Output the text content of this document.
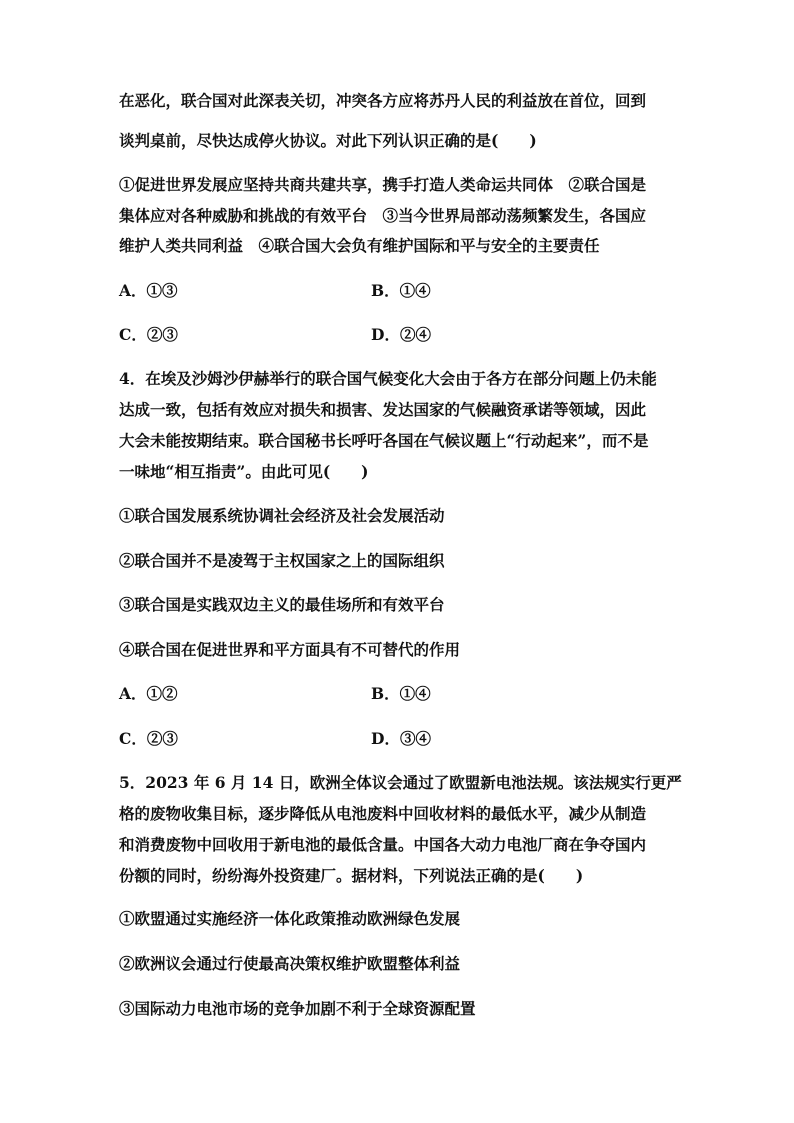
在恶化，联合国对此深表关切，冲突各方应将苏丹人民的利益放在首位，回到
谈判桌前，尽快达成停火协议。对此下列认识正确的是(　　)
①促进世界发展应坚持共商共建共享，携手打造人类命运共同体　②联合国是
集体应对各种威胁和挑战的有效平台　③当今世界局部动荡频繁发生，各国应
维护人类共同利益　④联合国大会负有维护国际和平与安全的主要责任
A．①③	B．①④
C．②③	D．②④
4．在埃及沙姆沙伊赫举行的联合国气候变化大会由于各方在部分问题上仍未能
达成一致，包括有效应对损失和损害、发达国家的气候融资承诺等领域，因此
大会未能按期结束。联合国秘书长呼吁各国在气候议题上“行动起来”，而不是
一味地“相互指责”。由此可见(　　)
①联合国发展系统协调社会经济及社会发展活动
②联合国并不是凌驾于主权国家之上的国际组织
③联合国是实践双边主义的最佳场所和有效平台
④联合国在促进世界和平方面具有不可替代的作用
A．①②	B．①④
C．②③	D．③④
5．2023 年 6 月 14 日，欧洲全体议会通过了欧盟新电池法规。该法规实行更严
格的废物收集目标，逐步降低从电池废料中回收材料的最低水平，减少从制造
和消费废物中回收用于新电池的最低含量。中国各大动力电池厂商在争夺国内
份额的同时，纷纷海外投资建厂。据材料，下列说法正确的是(　　)
①欧盟通过实施经济一体化政策推动欧洲绿色发展
②欧洲议会通过行使最高决策权维护欧盟整体利益
③国际动力电池市场的竞争加剧不利于全球资源配置
